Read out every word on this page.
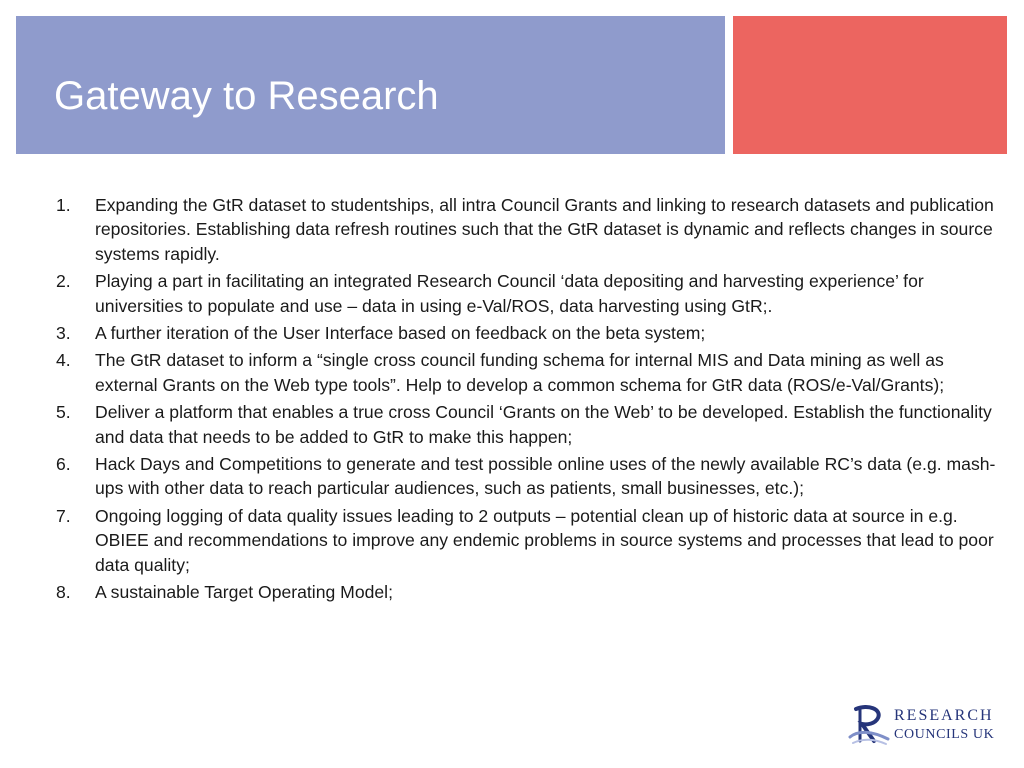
Gateway to Research
1.	Expanding the GtR dataset to studentships, all intra Council Grants and linking to research datasets and publication repositories. Establishing data refresh routines such that the GtR dataset is dynamic and reflects changes in source systems rapidly.
2.	Playing a part in facilitating an integrated Research Council ‘data depositing and harvesting experience’ for universities to populate and use – data in using e-Val/ROS, data harvesting using GtR;.
3.	A further iteration of the User Interface based on feedback on the beta system;
4.	The GtR dataset to inform a “single cross council funding schema for internal MIS and Data mining as well as external Grants on the Web type tools”. Help to develop a common schema for GtR data (ROS/e-Val/Grants);
5.	Deliver a platform that enables a true cross Council ‘Grants on the Web’ to be developed. Establish the functionality and data that needs to be added to GtR to make this happen;
6.	Hack Days and Competitions to generate and test possible online uses of the newly available RC’s data (e.g. mash-ups with other data to reach particular audiences, such as patients, small businesses, etc.);
7.	Ongoing logging of data quality issues leading to 2 outputs – potential clean up of historic data at source in e.g. OBIEE and recommendations to improve any endemic problems in source systems and processes that lead to poor data quality;
8.	A sustainable Target Operating Model;
RESEARCH
COUNCILS UK
